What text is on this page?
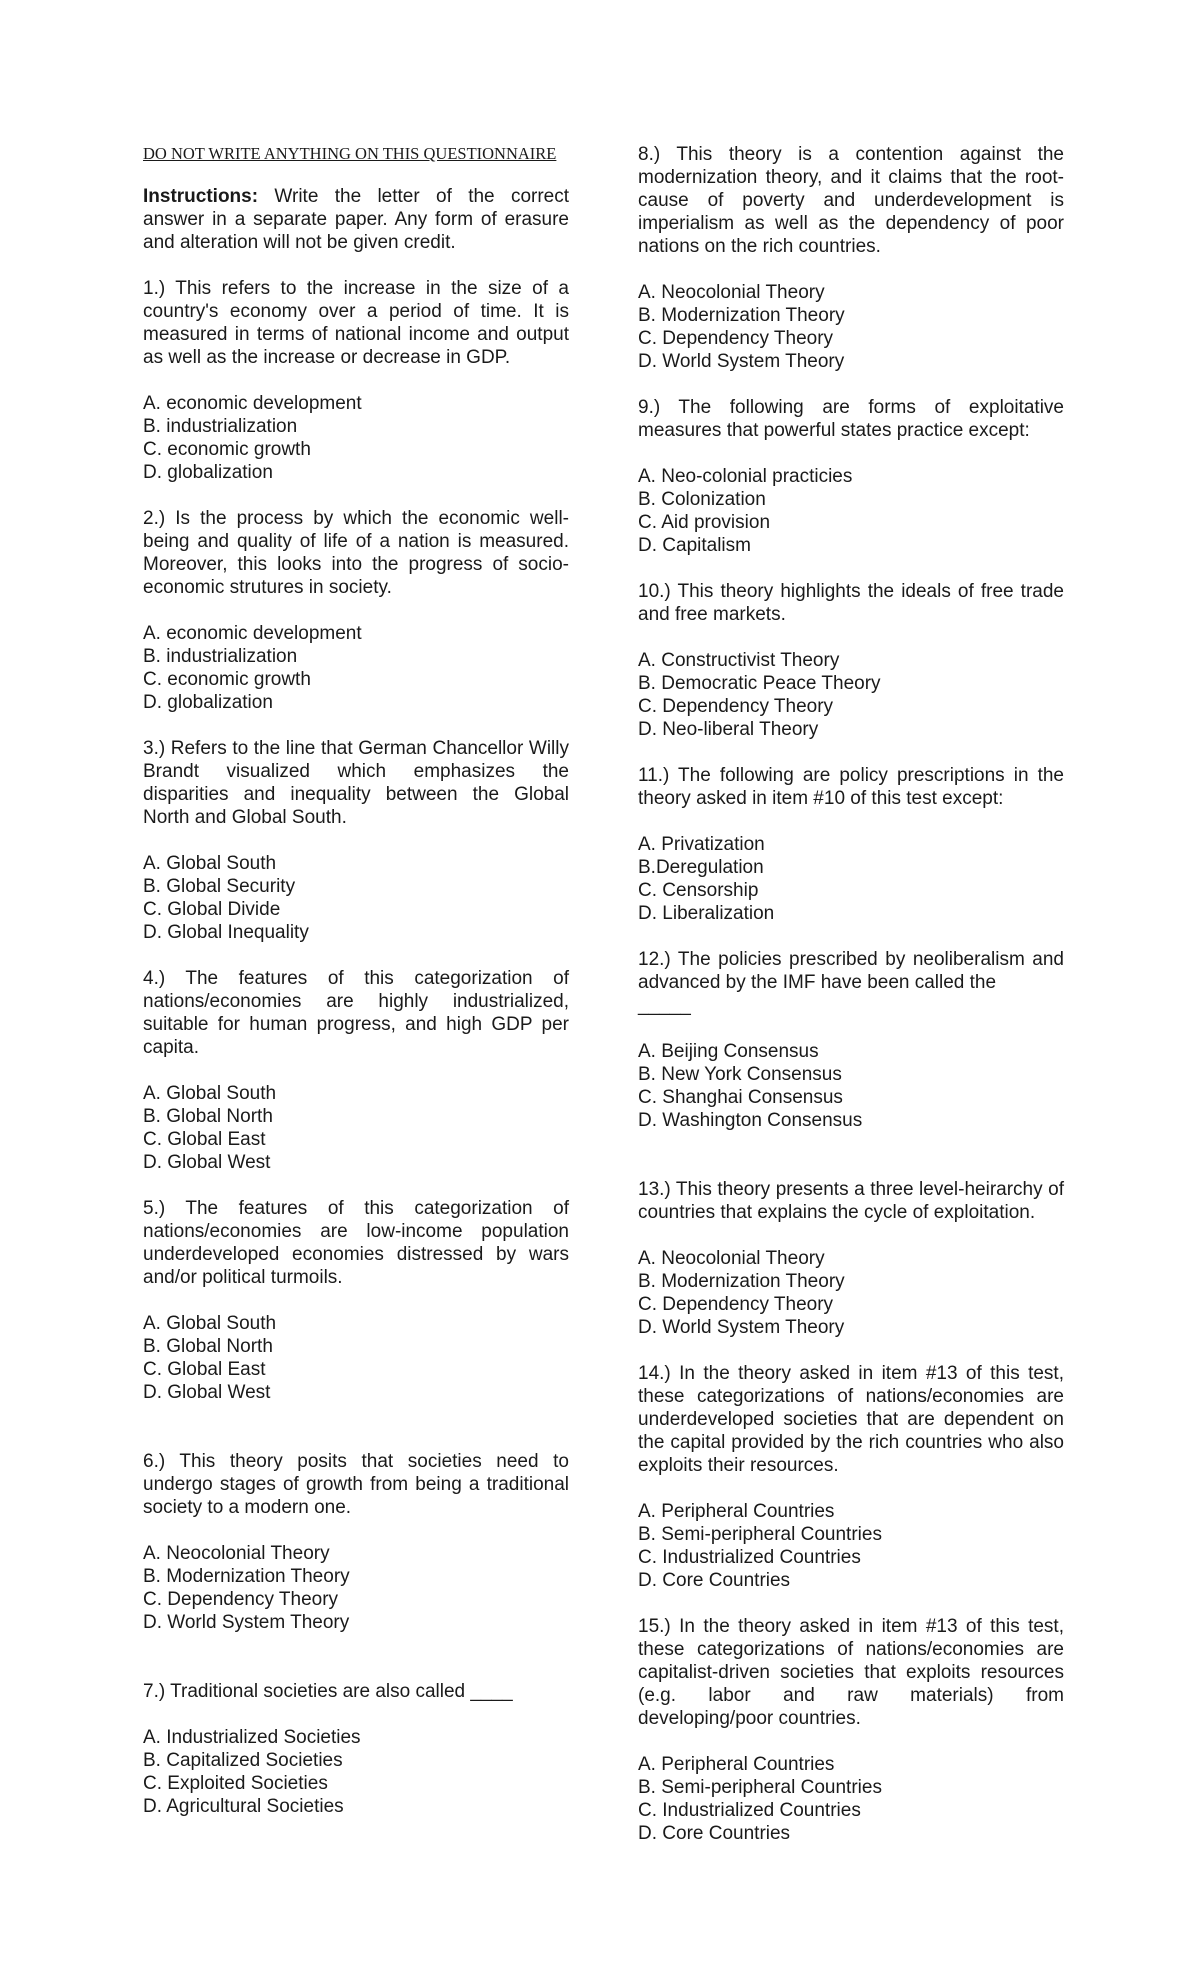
DO NOT WRITE ANYTHING ON THIS QUESTIONNAIRE

Instructions: Write the letter of the correct answer in a separate paper. Any form of erasure and alteration will not be given credit.

1.) This refers to the increase in the size of a country's economy over a period of time. It is measured in terms of national income and output as well as the increase or decrease in GDP.

A. economic development
B. industrialization
C. economic growth
D. globalization

2.) Is the process by which the economic well-being and quality of life of a nation is measured. Moreover, this looks into the progress of socio-economic strutures in society.

A. economic development
B. industrialization
C. economic growth
D. globalization

3.) Refers to the line that German Chancellor Willy Brandt visualized which emphasizes the disparities and inequality between the Global North and Global South.

A. Global South
B. Global Security
C. Global Divide
D. Global Inequality

4.) The features of this categorization of nations/economies are highly industrialized, suitable for human progress, and high GDP per capita.

A. Global South
B. Global North
C. Global East
D. Global West

5.) The features of this categorization of nations/economies are low-income population underdeveloped economies distressed by wars and/or political turmoils.

A. Global South
B. Global North
C. Global East
D. Global West

6.) This theory posits that societies need to undergo stages of growth from being a traditional society to a modern one.

A. Neocolonial Theory
B. Modernization Theory
C. Dependency Theory
D. World System Theory

7.) Traditional societies are also called ____

A. Industrialized Societies
B. Capitalized Societies
C. Exploited Societies
D. Agricultural Societies

8.) This theory is a contention against the modernization theory, and it claims that the root-cause of poverty and underdevelopment is imperialism as well as the dependency of poor nations on the rich countries.

A. Neocolonial Theory
B. Modernization Theory
C. Dependency Theory
D. World System Theory

9.) The following are forms of exploitative measures that powerful states practice except:

A. Neo-colonial practicies
B. Colonization
C. Aid provision
D. Capitalism

10.) This theory highlights the ideals of free trade and free markets.

A. Constructivist Theory
B. Democratic Peace Theory
C. Dependency Theory
D. Neo-liberal Theory

11.) The following are policy prescriptions in the theory asked in item #10 of this test except:

A. Privatization
B.Deregulation
C. Censorship
D. Liberalization

12.) The policies prescribed by neoliberalism and advanced by the IMF have been called the

_____

A. Beijing Consensus
B. New York Consensus
C. Shanghai Consensus
D. Washington Consensus

13.) This theory presents a three level-heirarchy of countries that explains the cycle of exploitation.

A. Neocolonial Theory
B. Modernization Theory
C. Dependency Theory
D. World System Theory

14.) In the theory asked in item #13 of this test, these categorizations of nations/economies are underdeveloped societies that are dependent on the capital provided by the rich countries who also exploits their resources.

A. Peripheral Countries
B. Semi-peripheral Countries
C. Industrialized Countries
D. Core Countries

15.) In the theory asked in item #13 of this test, these categorizations of nations/economies are capitalist-driven societies that exploits resources (e.g. labor and raw materials) from developing/poor countries.

A. Peripheral Countries
B. Semi-peripheral Countries
C. Industrialized Countries
D. Core Countries
